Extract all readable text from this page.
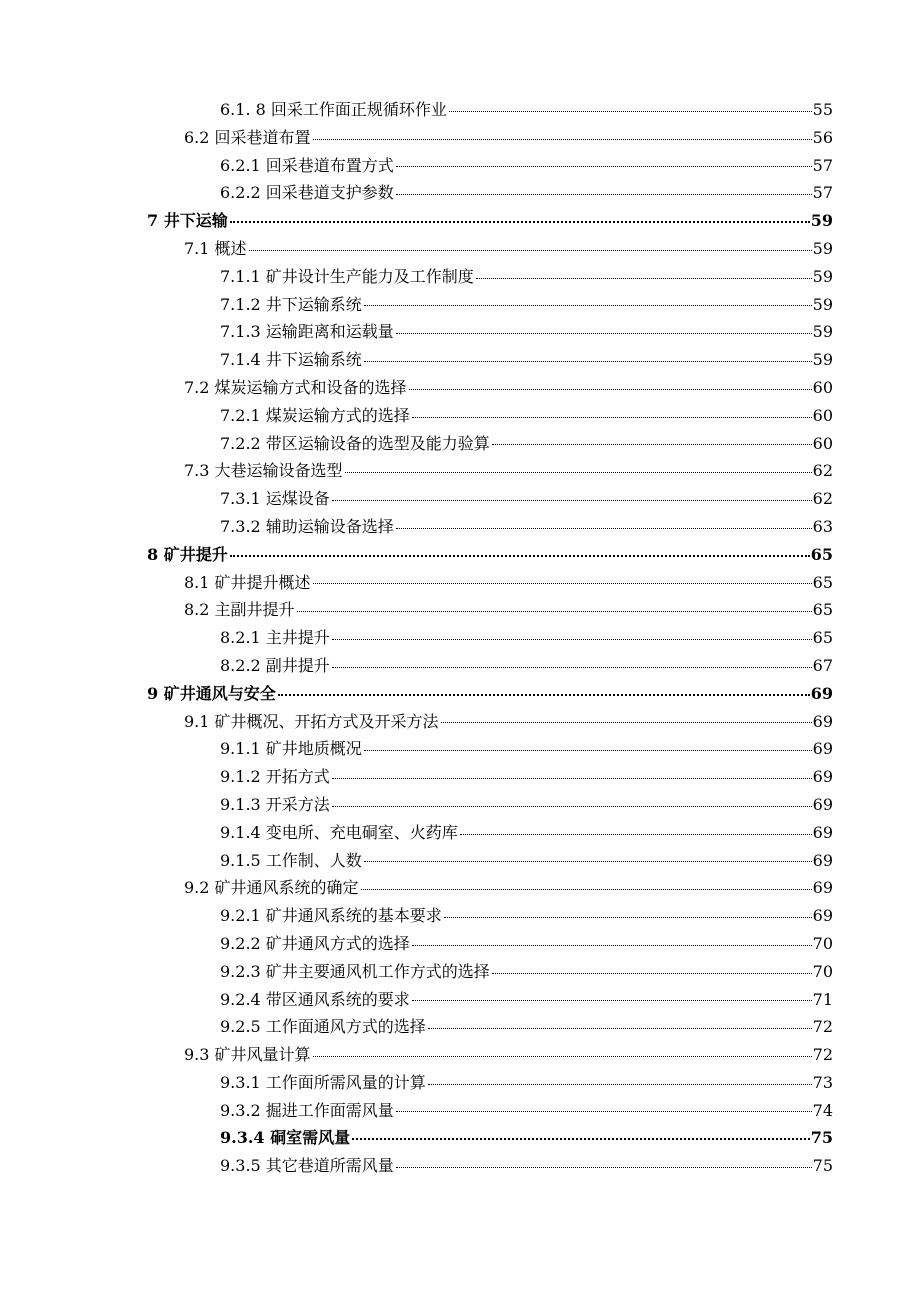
6.1. 8 回采工作面正规循环作业	55
6.2 回采巷道布置	56
6.2.1 回采巷道布置方式	57
6.2.2 回采巷道支护参数	57
7 井下运输	59
7.1 概述	59
7.1.1 矿井设计生产能力及工作制度	59
7.1.2 井下运输系统	59
7.1.3 运输距离和运载量	59
7.1.4 井下运输系统	59
7.2 煤炭运输方式和设备的选择	60
7.2.1 煤炭运输方式的选择	60
7.2.2 带区运输设备的选型及能力验算	60
7.3 大巷运输设备选型	62
7.3.1 运煤设备	62
7.3.2 辅助运输设备选择	63
8 矿井提升	65
8.1 矿井提升概述	65
8.2 主副井提升	65
8.2.1 主井提升	65
8.2.2 副井提升	67
9 矿井通风与安全	69
9.1 矿井概况、开拓方式及开采方法	69
9.1.1 矿井地质概况	69
9.1.2 开拓方式	69
9.1.3 开采方法	69
9.1.4 变电所、充电硐室、火药库	69
9.1.5 工作制、人数	69
9.2 矿井通风系统的确定	69
9.2.1 矿井通风系统的基本要求	69
9.2.2 矿井通风方式的选择	70
9.2.3 矿井主要通风机工作方式的选择	70
9.2.4 带区通风系统的要求	71
9.2.5 工作面通风方式的选择	72
9.3 矿井风量计算	72
9.3.1 工作面所需风量的计算	73
9.3.2 掘进工作面需风量	74
9.3.4 硐室需风量	75
9.3.5 其它巷道所需风量	75
